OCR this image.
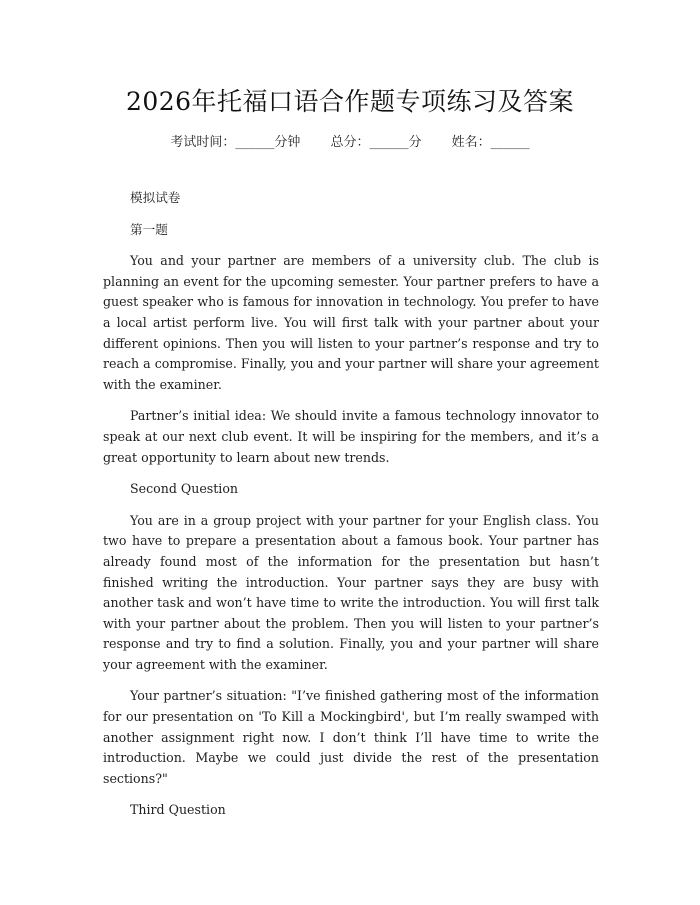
2026年托福口语合作题专项练习及答案
考试时间：______分钟 总分：______分 姓名：______

模拟试卷

第一题

You and your partner are members of a university club. The club is planning an event for the upcoming semester. Your partner prefers to have a guest speaker who is famous for innovation in technology. You prefer to have a local artist perform live. You will first talk with your partner about your different opinions. Then you will listen to your partner’s response and try to reach a compromise. Finally, you and your partner will share your agreement with the examiner.

Partner’s initial idea: We should invite a famous technology innovator to speak at our next club event. It will be inspiring for the members, and it’s a great opportunity to learn about new trends.

Second Question

You are in a group project with your partner for your English class. You two have to prepare a presentation about a famous book. Your partner has already found most of the information for the presentation but hasn’t finished writing the introduction. Your partner says they are busy with another task and won’t have time to write the introduction. You will first talk with your partner about the problem. Then you will listen to your partner’s response and try to find a solution. Finally, you and your partner will share your agreement with the examiner.

Your partner’s situation: "I’ve finished gathering most of the information for our presentation on 'To Kill a Mockingbird', but I’m really swamped with another assignment right now. I don’t think I’ll have time to write the introduction. Maybe we could just divide the rest of the presentation sections?"

Third Question
